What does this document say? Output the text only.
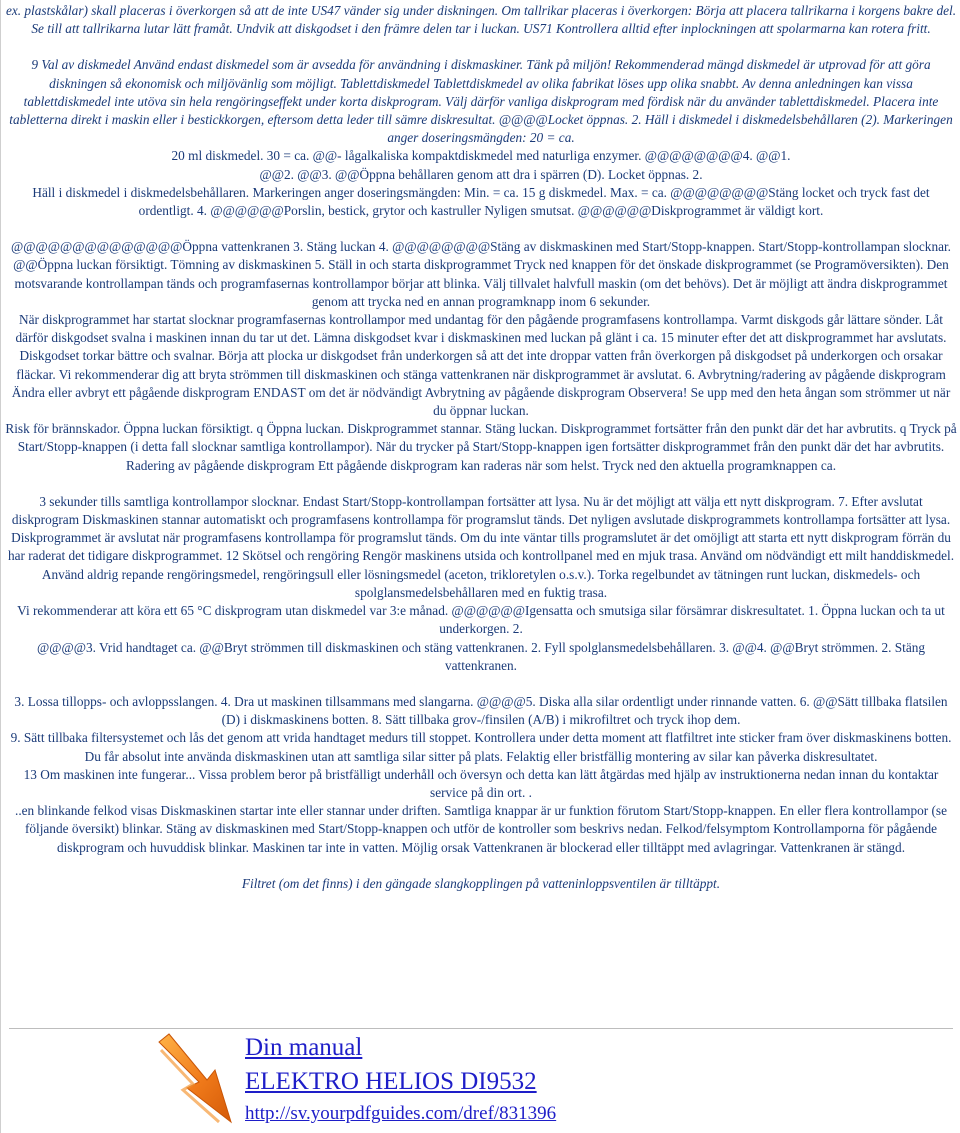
ex. plastskålar) skall placeras i överkorgen så att de inte US47 vänder sig under diskningen. Om tallrikar placeras i överkorgen: Börja att placera tallrikarna i korgens bakre del. Se till att tallrikarna lutar lätt framåt. Undvik att diskgodset i den främre delen tar i luckan. US71 Kontrollera alltid efter inplockningen att spolarmarna kan rotera fritt.

9 Val av diskmedel Använd endast diskmedel som är avsedda för användning i diskmaskiner. Tänk på miljön! Rekommenderad mängd diskmedel är utprovad för att göra diskningen så ekonomisk och miljövänlig som möjligt. Tablettdiskmedel Tablettdiskmedel av olika fabrikat löses upp olika snabbt. Av denna anledningen kan vissa tablettdiskmedel inte utöva sin hela rengöringseffekt under korta diskprogram. Välj därför vanliga diskprogram med fördisk när du använder tablettdiskmedel. Placera inte tabletterna direkt i maskin eller i bestickkorgen, eftersom detta leder till sämre diskresultat. @@@@Locket öppnas. 2. Häll i diskmedel i diskmedelsbehållaren (2). Markeringen anger doseringsmängden: 20 = ca.

20 ml diskmedel. 30 = ca. @@- lågalkaliska kompaktdiskmedel med naturliga enzymer. @@@@@@@@4. @@1.

@@2. @@3. @@Öppna behållaren genom att dra i spärren (D). Locket öppnas. 2.

Häll i diskmedel i diskmedelsbehållaren. Markeringen anger doseringsmängden: Min. = ca. 15 g diskmedel. Max. = ca. @@@@@@@@Stäng locket och tryck fast det ordentligt. 4. @@@@@@Porslin, bestick, grytor och kastruller Nyligen smutsat. @@@@@@Diskprogrammet är väldigt kort.

@@@@@@@@@@@@@@Öppna vattenkranen 3. Stäng luckan 4. @@@@@@@@Stäng av diskmaskinen med Start/Stopp-knappen. Start/Stopp-kontrollampan slocknar. @@Öppna luckan försiktigt. Tömning av diskmaskinen 5. Ställ in och starta diskprogrammet Tryck ned knappen för det önskade diskprogrammet (se Programöversikten). Den motsvarande kontrollampan tänds och programfasernas kontrollampor börjar att blinka. Välj tillvalet halvfull maskin (om det behövs). Det är möjligt att ändra diskprogrammet genom att trycka ned en annan programknapp inom 6 sekunder.

När diskprogrammet har startat slocknar programfasernas kontrollampor med undantag för den pågående programfasens kontrollampa. Varmt diskgods går lättare sönder. Låt därför diskgodset svalna i maskinen innan du tar ut det. Lämna diskgodset kvar i diskmaskinen med luckan på glänt i ca. 15 minuter efter det att diskprogrammet har avslutats.

Diskgodset torkar bättre och svalnar. Börja att plocka ur diskgodset från underkorgen så att det inte droppar vatten från överkorgen på diskgodset på underkorgen och orsakar fläckar. Vi rekommenderar dig att bryta strömmen till diskmaskinen och stänga vattenkranen när diskprogrammet är avslutat. 6. Avbrytning/radering av pågående diskprogram Ändra eller avbryt ett pågående diskprogram ENDAST om det är nödvändigt Avbrytning av pågående diskprogram Observera! Se upp med den heta ångan som strömmer ut när du öppnar luckan.

Risk för brännskador. Öppna luckan försiktigt. q Öppna luckan. Diskprogrammet stannar. Stäng luckan. Diskprogrammet fortsätter från den punkt där det har avbrutits. q Tryck på Start/Stopp-knappen (i detta fall slocknar samtliga kontrollampor). När du trycker på Start/Stopp-knappen igen fortsätter diskprogrammet från den punkt där det har avbrutits. Radering av pågående diskprogram Ett pågående diskprogram kan raderas när som helst. Tryck ned den aktuella programknappen ca.

3 sekunder tills samtliga kontrollampor slocknar. Endast Start/Stopp-kontrollampan fortsätter att lysa. Nu är det möjligt att välja ett nytt diskprogram. 7. Efter avslutat diskprogram Diskmaskinen stannar automatiskt och programfasens kontrollampa för programslut tänds. Det nyligen avslutade diskprogrammets kontrollampa fortsätter att lysa. Diskprogrammet är avslutat när programfasens kontrollampa för programslut tänds. Om du inte väntar tills programslutet är det omöjligt att starta ett nytt diskprogram förrän du har raderat det tidigare diskprogrammet. 12 Skötsel och rengöring Rengör maskinens utsida och kontrollpanel med en mjuk trasa. Använd om nödvändigt ett milt handdiskmedel.

Använd aldrig repande rengöringsmedel, rengöringsull eller lösningsmedel (aceton, trikloretylen o.s.v.). Torka regelbundet av tätningen runt luckan, diskmedels- och spolglansmedelsbehållaren med en fuktig trasa.

Vi rekommenderar att köra ett 65 °C diskprogram utan diskmedel var 3:e månad. @@@@@@Igensatta och smutsiga silar försämrar diskresultatet. 1. Öppna luckan och ta ut underkorgen. 2.

@@@@3. Vrid handtaget ca. @@Bryt strömmen till diskmaskinen och stäng vattenkranen. 2. Fyll spolglansmedelsbehållaren. 3. @@4. @@Bryt strömmen. 2. Stäng vattenkranen.

3. Lossa tillopps- och avloppsslangen. 4. Dra ut maskinen tillsammans med slangarna. @@@@5. Diska alla silar ordentligt under rinnande vatten. 6. @@Sätt tillbaka flatsilen (D) i diskmaskinens botten. 8. Sätt tillbaka grov-/finsilen (A/B) i mikrofiltret och tryck ihop dem.

9. Sätt tillbaka filtersystemet och lås det genom att vrida handtaget medurs till stoppet. Kontrollera under detta moment att flatfiltret inte sticker fram över diskmaskinens botten. Du får absolut inte använda diskmaskinen utan att samtliga silar sitter på plats. Felaktig eller bristfällig montering av silar kan påverka diskresultatet.

13 Om maskinen inte fungerar... Vissa problem beror på bristfälligt underhåll och översyn och detta kan lätt åtgärdas med hjälp av instruktionerna nedan innan du kontaktar service på din ort. .

..en blinkande felkod visas Diskmaskinen startar inte eller stannar under driften. Samtliga knappar är ur funktion förutom Start/Stopp-knappen. En eller flera kontrollampor (se följande översikt) blinkar. Stäng av diskmaskinen med Start/Stopp-knappen och utför de kontroller som beskrivs nedan. Felkod/felsymptom Kontrollamporna för pågående diskprogram och huvuddisk blinkar. Maskinen tar inte in vatten. Möjlig orsak Vattenkranen är blockerad eller tilltäppt med avlagringar. Vattenkranen är stängd.

Filtret (om det finns) i den gängade slangkopplingen på vatteninloppsventilen är tilltäppt.

Din manual
ELEKTRO HELIOS DI9532
http://sv.yourpdfguides.com/dref/831396
